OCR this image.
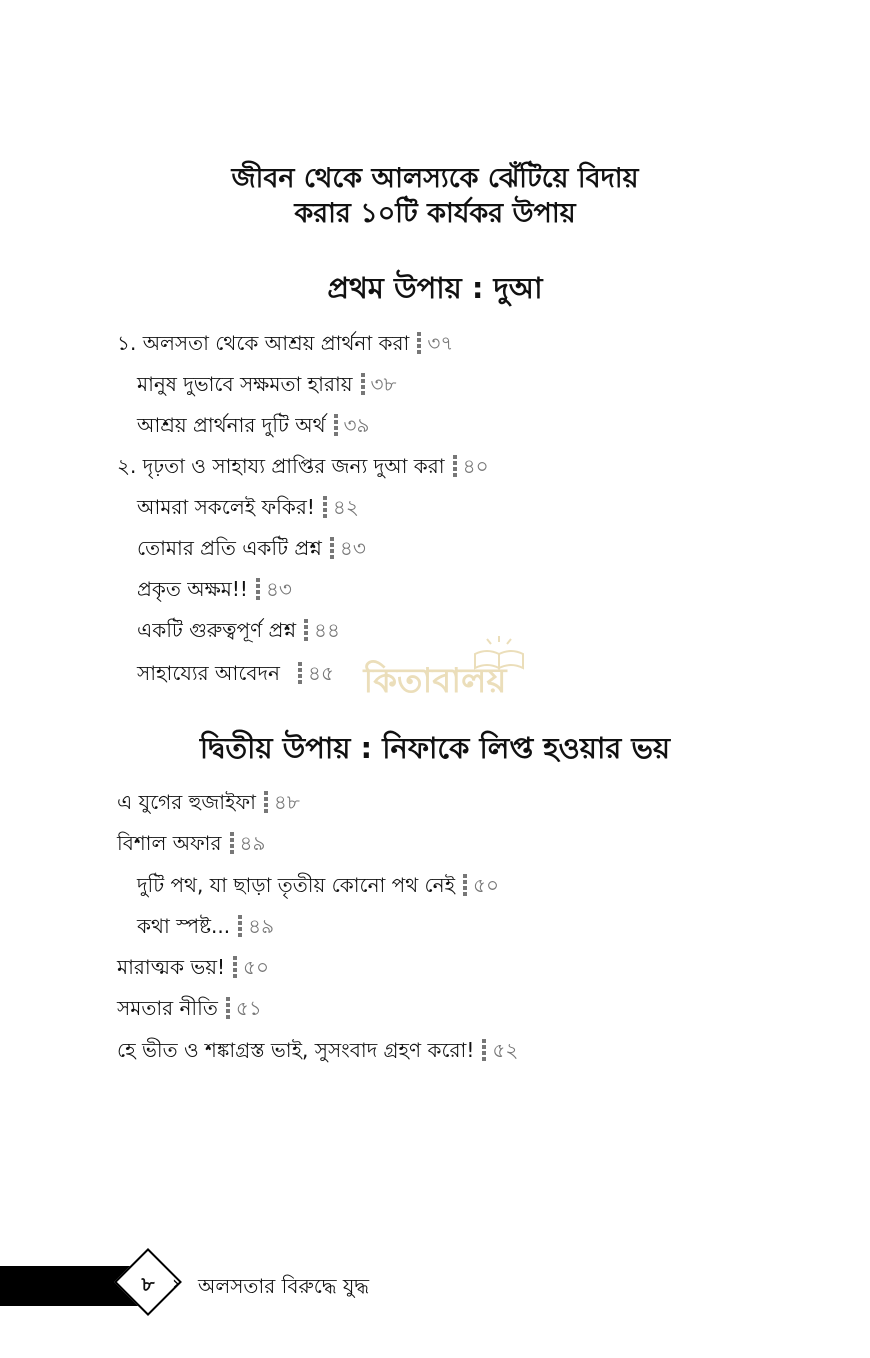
জীবন থেকে আলস্যকে ঝেঁটিয়ে বিদায়
করার ১০টি কার্যকর উপায়
প্রথম উপায় : দুআ
১. অলসতা থেকে আশ্রয় প্রার্থনা করা ৩৭
মানুষ দুভাবে সক্ষমতা হারায় ৩৮
আশ্রয় প্রার্থনার দুটি অর্থ ৩৯
২. দৃঢ়তা ও সাহায্য প্রাপ্তির জন্য দুআ করা ৪০
আমরা সকলেই ফকির! ৪২
তোমার প্রতি একটি প্রশ্ন ৪৩
প্রকৃত অক্ষম!! ৪৩
একটি গুরুত্বপূর্ণ প্রশ্ন ৪৪
সাহায্যের আবেদন ৪৫ কিতাবালয়
দ্বিতীয় উপায় : নিফাকে লিপ্ত হওয়ার ভয়
এ যুগের হুজাইফা ৪৮
বিশাল অফার ৪৯
দুটি পথ, যা ছাড়া তৃতীয় কোনো পথ নেই ৫০
কথা স্পষ্ট... ৪৯
মারাত্মক ভয়! ৫০
সমতার নীতি ৫১
হে ভীত ও শঙ্কাগ্রস্ত ভাই, সুসংবাদ গ্রহণ করো! ৫২
৮ › অলসতার বিরুদ্ধে যুদ্ধ
